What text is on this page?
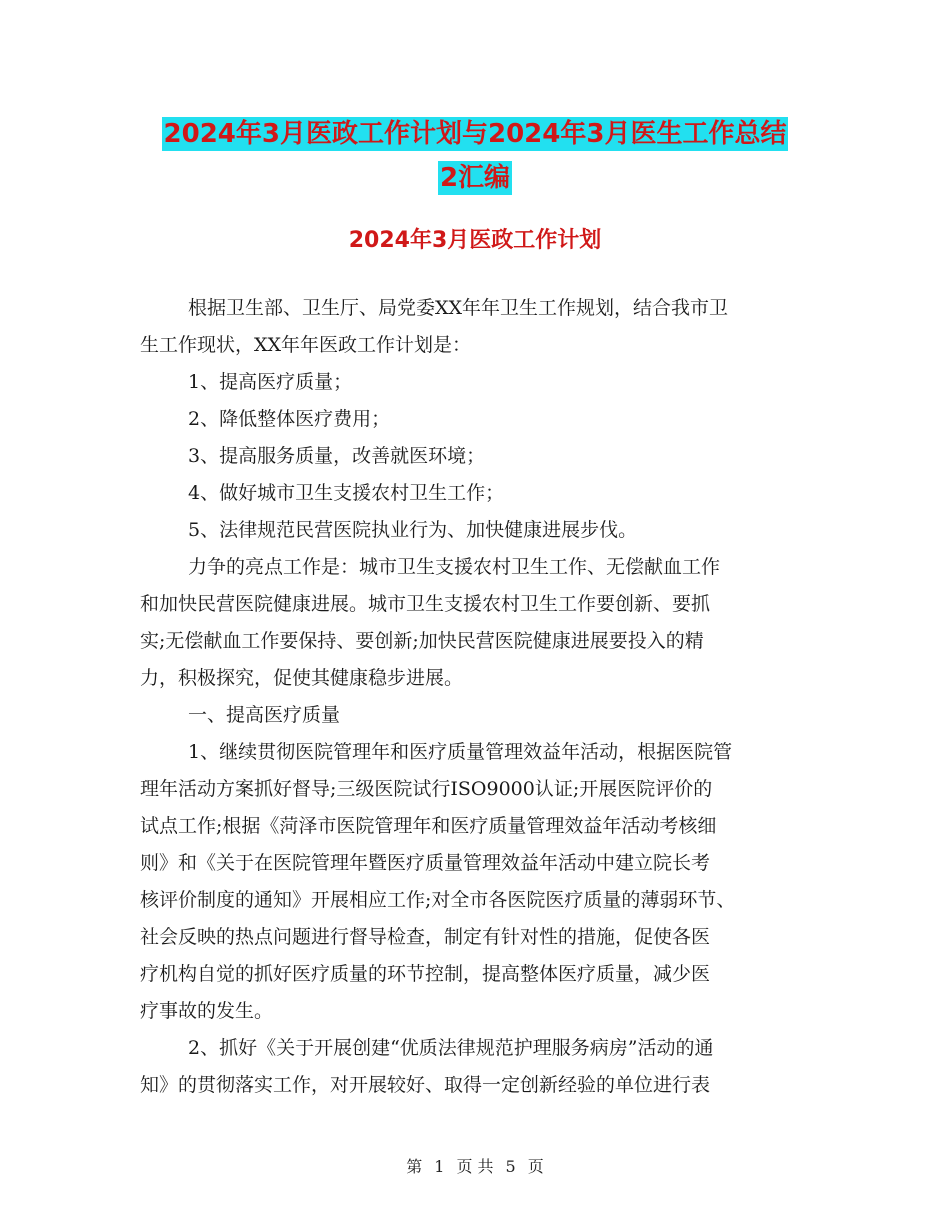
2024年3月医政工作计划与2024年3月医生工作总结
2汇编
2024年3月医政工作计划
根据卫生部、卫生厅、局党委XX年年卫生工作规划，结合我市卫
生工作现状，XX年年医政工作计划是：
1、提高医疗质量；
2、降低整体医疗费用；
3、提高服务质量，改善就医环境；
4、做好城市卫生支援农村卫生工作；
5、法律规范民营医院执业行为、加快健康进展步伐。
力争的亮点工作是：城市卫生支援农村卫生工作、无偿献血工作
和加快民营医院健康进展。城市卫生支援农村卫生工作要创新、要抓
实;无偿献血工作要保持、要创新;加快民营医院健康进展要投入的精
力，积极探究，促使其健康稳步进展。
一、提高医疗质量
1、继续贯彻医院管理年和医疗质量管理效益年活动，根据医院管
理年活动方案抓好督导;三级医院试行ISO9000认证;开展医院评价的
试点工作;根据《菏泽市医院管理年和医疗质量管理效益年活动考核细
则》和《关于在医院管理年暨医疗质量管理效益年活动中建立院长考
核评价制度的通知》开展相应工作;对全市各医院医疗质量的薄弱环节、
社会反映的热点问题进行督导检查，制定有针对性的措施，促使各医
疗机构自觉的抓好医疗质量的环节控制，提高整体医疗质量，减少医
疗事故的发生。
2、抓好《关于开展创建“优质法律规范护理服务病房”活动的通
知》的贯彻落实工作，对开展较好、取得一定创新经验的单位进行表
第 1 页 共 5 页
